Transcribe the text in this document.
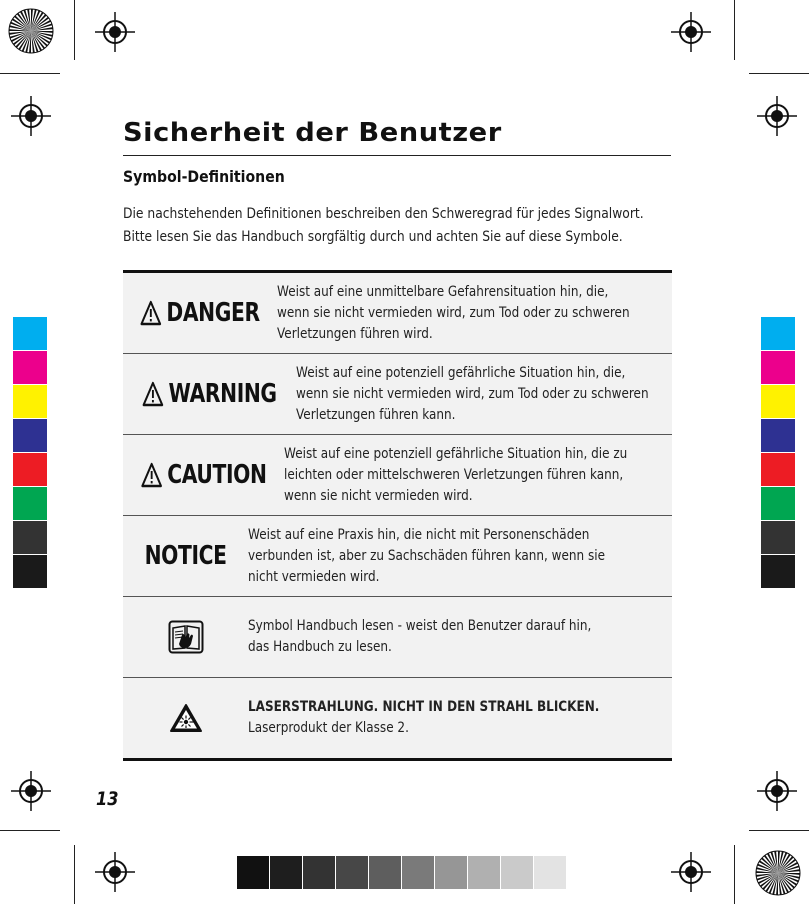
Sicherheit der Benutzer
Symbol-Definitionen
Die nachstehenden Definitionen beschreiben den Schweregrad für jedes Signalwort. Bitte lesen Sie das Handbuch sorgfältig durch und achten Sie auf diese Symbole.
DANGER
Weist auf eine unmittelbare Gefahrensituation hin, die, wenn sie nicht vermieden wird, zum Tod oder zu schweren Verletzungen führen wird.
WARNING
Weist auf eine potenziell gefährliche Situation hin, die, wenn sie nicht vermieden wird, zum Tod oder zu schweren Verletzungen führen kann.
CAUTION
Weist auf eine potenziell gefährliche Situation hin, die zu leichten oder mittelschweren Verletzungen führen kann, wenn sie nicht vermieden wird.
NOTICE
Weist auf eine Praxis hin, die nicht mit Personenschäden verbunden ist, aber zu Sachschäden führen kann, wenn sie nicht vermieden wird.
Symbol Handbuch lesen - weist den Benutzer darauf hin, das Handbuch zu lesen.
LASERSTRAHLUNG. NICHT IN DEN STRAHL BLICKEN.
Laserprodukt der Klasse 2.
13
